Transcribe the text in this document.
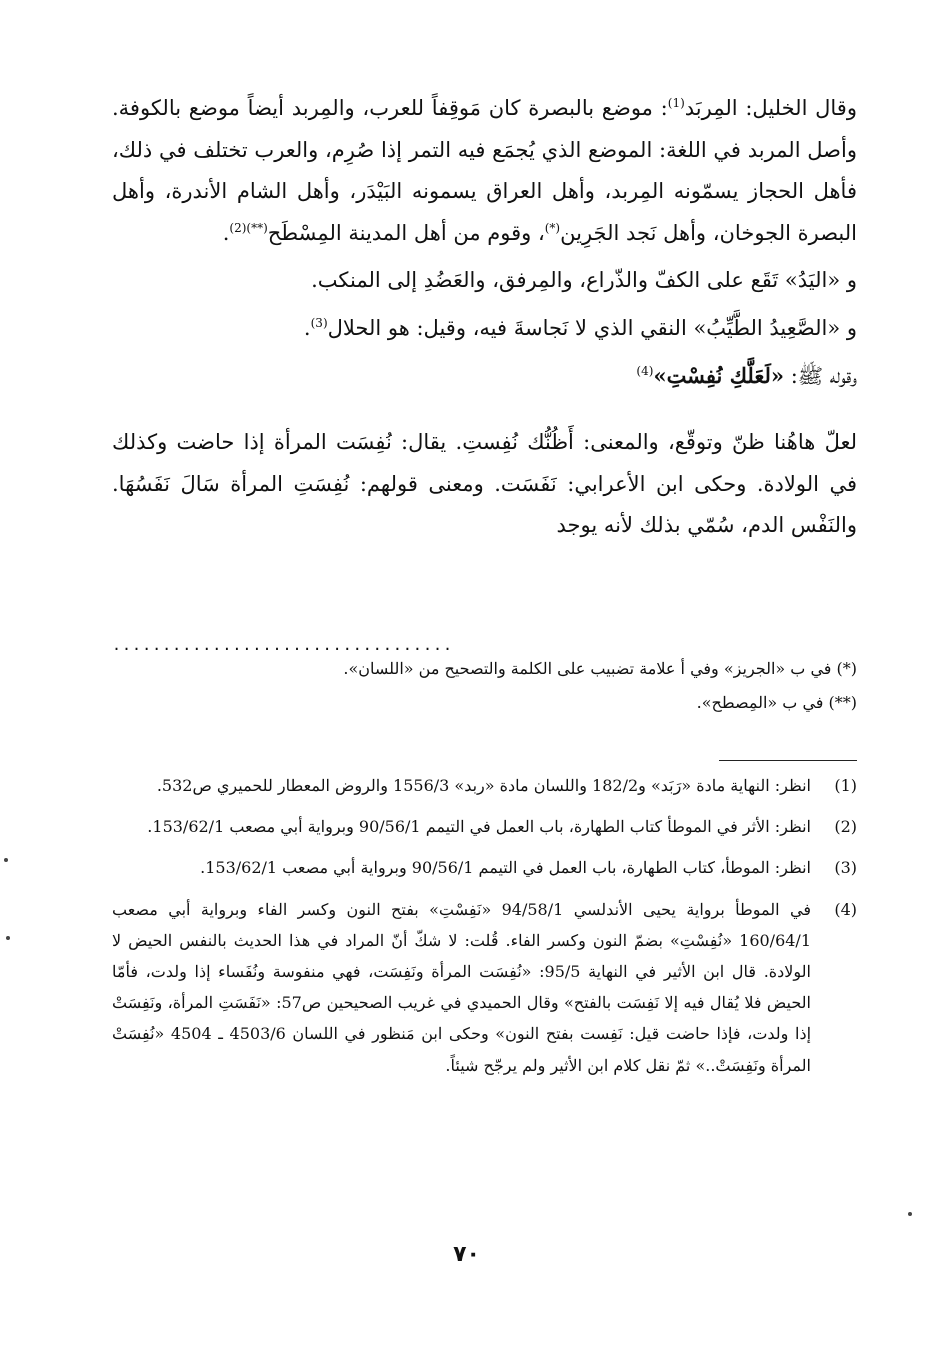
وقال الخليل: المِربَد$^{(1)}$: موضع بالبصرة كان مَوقِفاً للعرب، والمِربد أيضاً موضع بالكوفة. وأصل المربد في اللغة: الموضع الذي يُجمَع فيه التمر إذا صُرِم، والعرب تختلف في ذلك، فأهل الحجاز يسمّونه المِربد، وأهل العراق يسمونه البَيْدَر، وأهل الشام الأندرة، وأهل البصرة الجوخان، وأهل نَجد الجَرِين(*)، وقوم من أهل المدينة المِسْطَح$^{(**)(2)}$.

و «اليَدُ» تَقَع على الكفّ والذّراع، والمِرفق، والعَضُدِ إلى المنكب.

و «الصَّعِيدُ الطَّيِّبُ» النقي الذي لا نَجاسةَ فيه، وقيل: هو الحلال$^{(3)}$.

وقوله ﷺ: «لَعَلَّكِ نُفِسْتِ»$^{(4)}$

لعلّ هاهُنا ظنّ وتوقّع، والمعنى: أَظُنُّك نُفِستِ. يقال: نُفِسَت المرأة إذا حاضت وكذلك في الولادة. وحكى ابن الأعرابي: نَفَسَت. ومعنى قولهم: نُفِسَتِ المرأة سَالَ نَفَسُهَا. والنَفْس الدم، سُمّي بذلك لأنه يوجد

..................................

(*) في ب «الجريز» وفي أ علامة تضبيب على الكلمة والتصحيح من «اللسان».

(**) في ب «المِصطح».

(1)
انظر: النهاية مادة «رَبَد» و182/2 واللسان مادة «ربد» 1556/3 والروض المعطار للحميري ص532.
(2)
انظر: الأثر في الموطأ كتاب الطهارة، باب العمل في التيمم 90/56/1 وبرواية أبي مصعب 153/62/1.
(3)
انظر: الموطأ، كتاب الطهارة، باب العمل في التيمم 90/56/1 وبرواية أبي مصعب 153/62/1.
(4)
في الموطأ برواية يحيى الأندلسي 94/58/1 «نَفِسْتِ» بفتح النون وكسر الفاء وبرواية أبي مصعب 160/64/1 «نُفِسْتِ» بضمّ النون وكسر الفاء. قُلت: لا شكّ أنّ المراد في هذا الحديث بالنفس الحيض لا الولادة. قال ابن الأثير في النهاية 95/5: «نُفِسَت المرأة ونَفِسَت، فهي منفوسة ونُفَساء إذا ولدت، فأمّا الحيض فلا يُقال فيه إلا نَفِسَت بالفتح» وقال الحميدي في غريب الصحيحين ص57: «نَفَسَتِ المرأة، ونَفِسَتْ إذا ولدت، فإذا حاضت قيل: نَفِست بفتح النون» وحكى ابن مَنظور في اللسان 4503/6 ـ 4504 «نُفِسَتْ المرأة ونَفِسَتْ..» ثمّ نقل كلام ابن الأثير ولم يرجّح شيئاً.
٧٠
